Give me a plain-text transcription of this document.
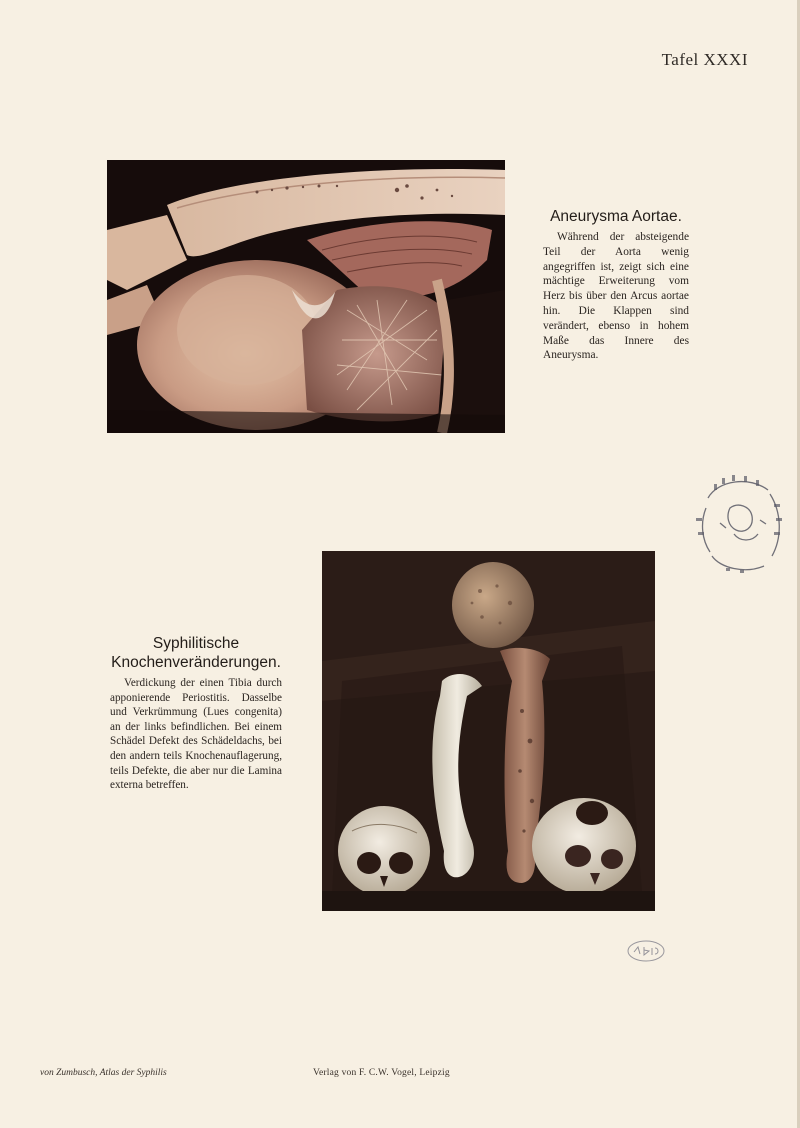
Tafel XXXI
Aneurysma Aortae.

Während der absteigende Teil der Aorta wenig angegriffen ist, zeigt sich eine mächtige Erweiterung vom Herz bis über den Arcus aortae hin. Die Klappen sind verändert, ebenso in hohem Maße das Innere des Aneurysma.

Syphilitische
Knochenveränderungen.

Verdickung der einen Tibia durch apponierende Periostitis. Dasselbe und Verkrümmung (Lues congenita) an der links befindlichen. Bei einem Schädel Defekt des Schädeldachs, bei den andern teils Knochenauflagerung, teils Defekte, die aber nur die Lamina externa betreffen.

von Zumbusch, Atlas der Syphilis	Verlag von F. C.W. Vogel, Leipzig
